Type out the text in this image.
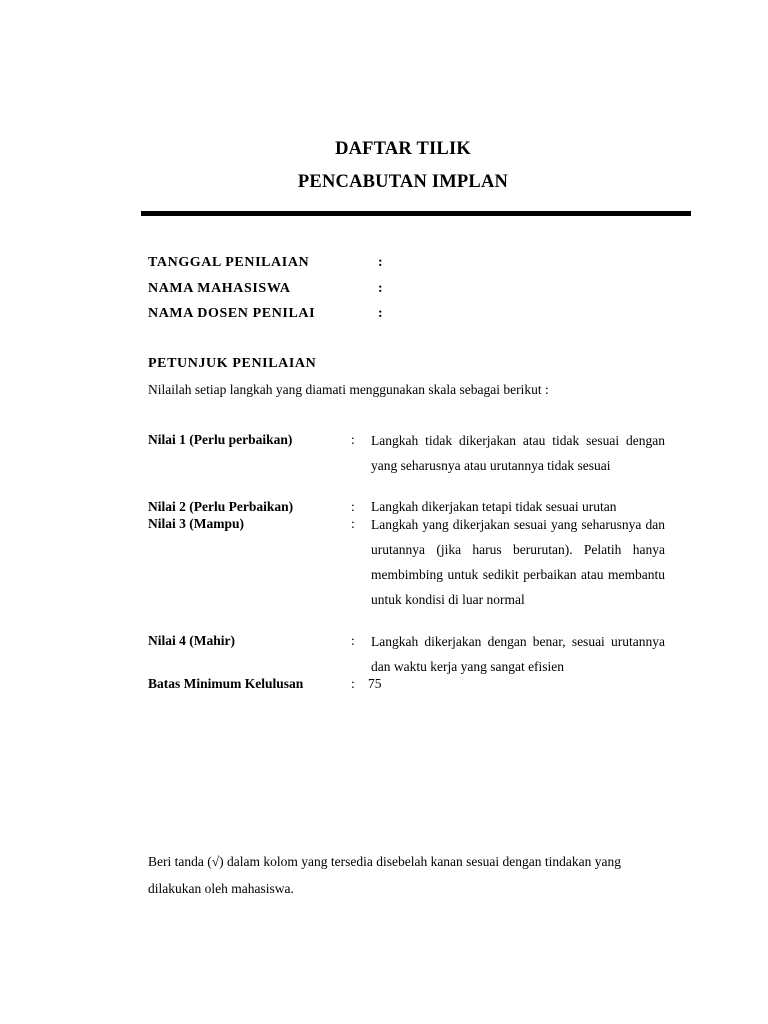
DAFTAR TILIK
PENCABUTAN IMPLAN
TANGGAL PENILAIAN	:
NAMA MAHASISWA	:
NAMA DOSEN PENILAI	:
PETUNJUK PENILAIAN
Nilailah setiap langkah yang diamati menggunakan skala sebagai berikut :
Nilai 1 (Perlu perbaikan)	: Langkah tidak dikerjakan atau tidak sesuai dengan yang seharusnya atau urutannya tidak sesuai
Nilai 2 (Perlu Perbaikan)	: Langkah dikerjakan tetapi tidak sesuai urutan
Nilai 3 (Mampu)	: Langkah yang dikerjakan sesuai yang seharusnya dan urutannya (jika harus berurutan). Pelatih hanya membimbing untuk sedikit perbaikan atau membantu untuk kondisi di luar normal
Nilai 4 (Mahir)	: Langkah dikerjakan dengan benar, sesuai urutannya dan waktu kerja yang sangat efisien
Batas Minimum Kelulusan	: 75
Beri tanda (√) dalam kolom yang tersedia disebelah kanan sesuai dengan tindakan yang dilakukan oleh mahasiswa.
